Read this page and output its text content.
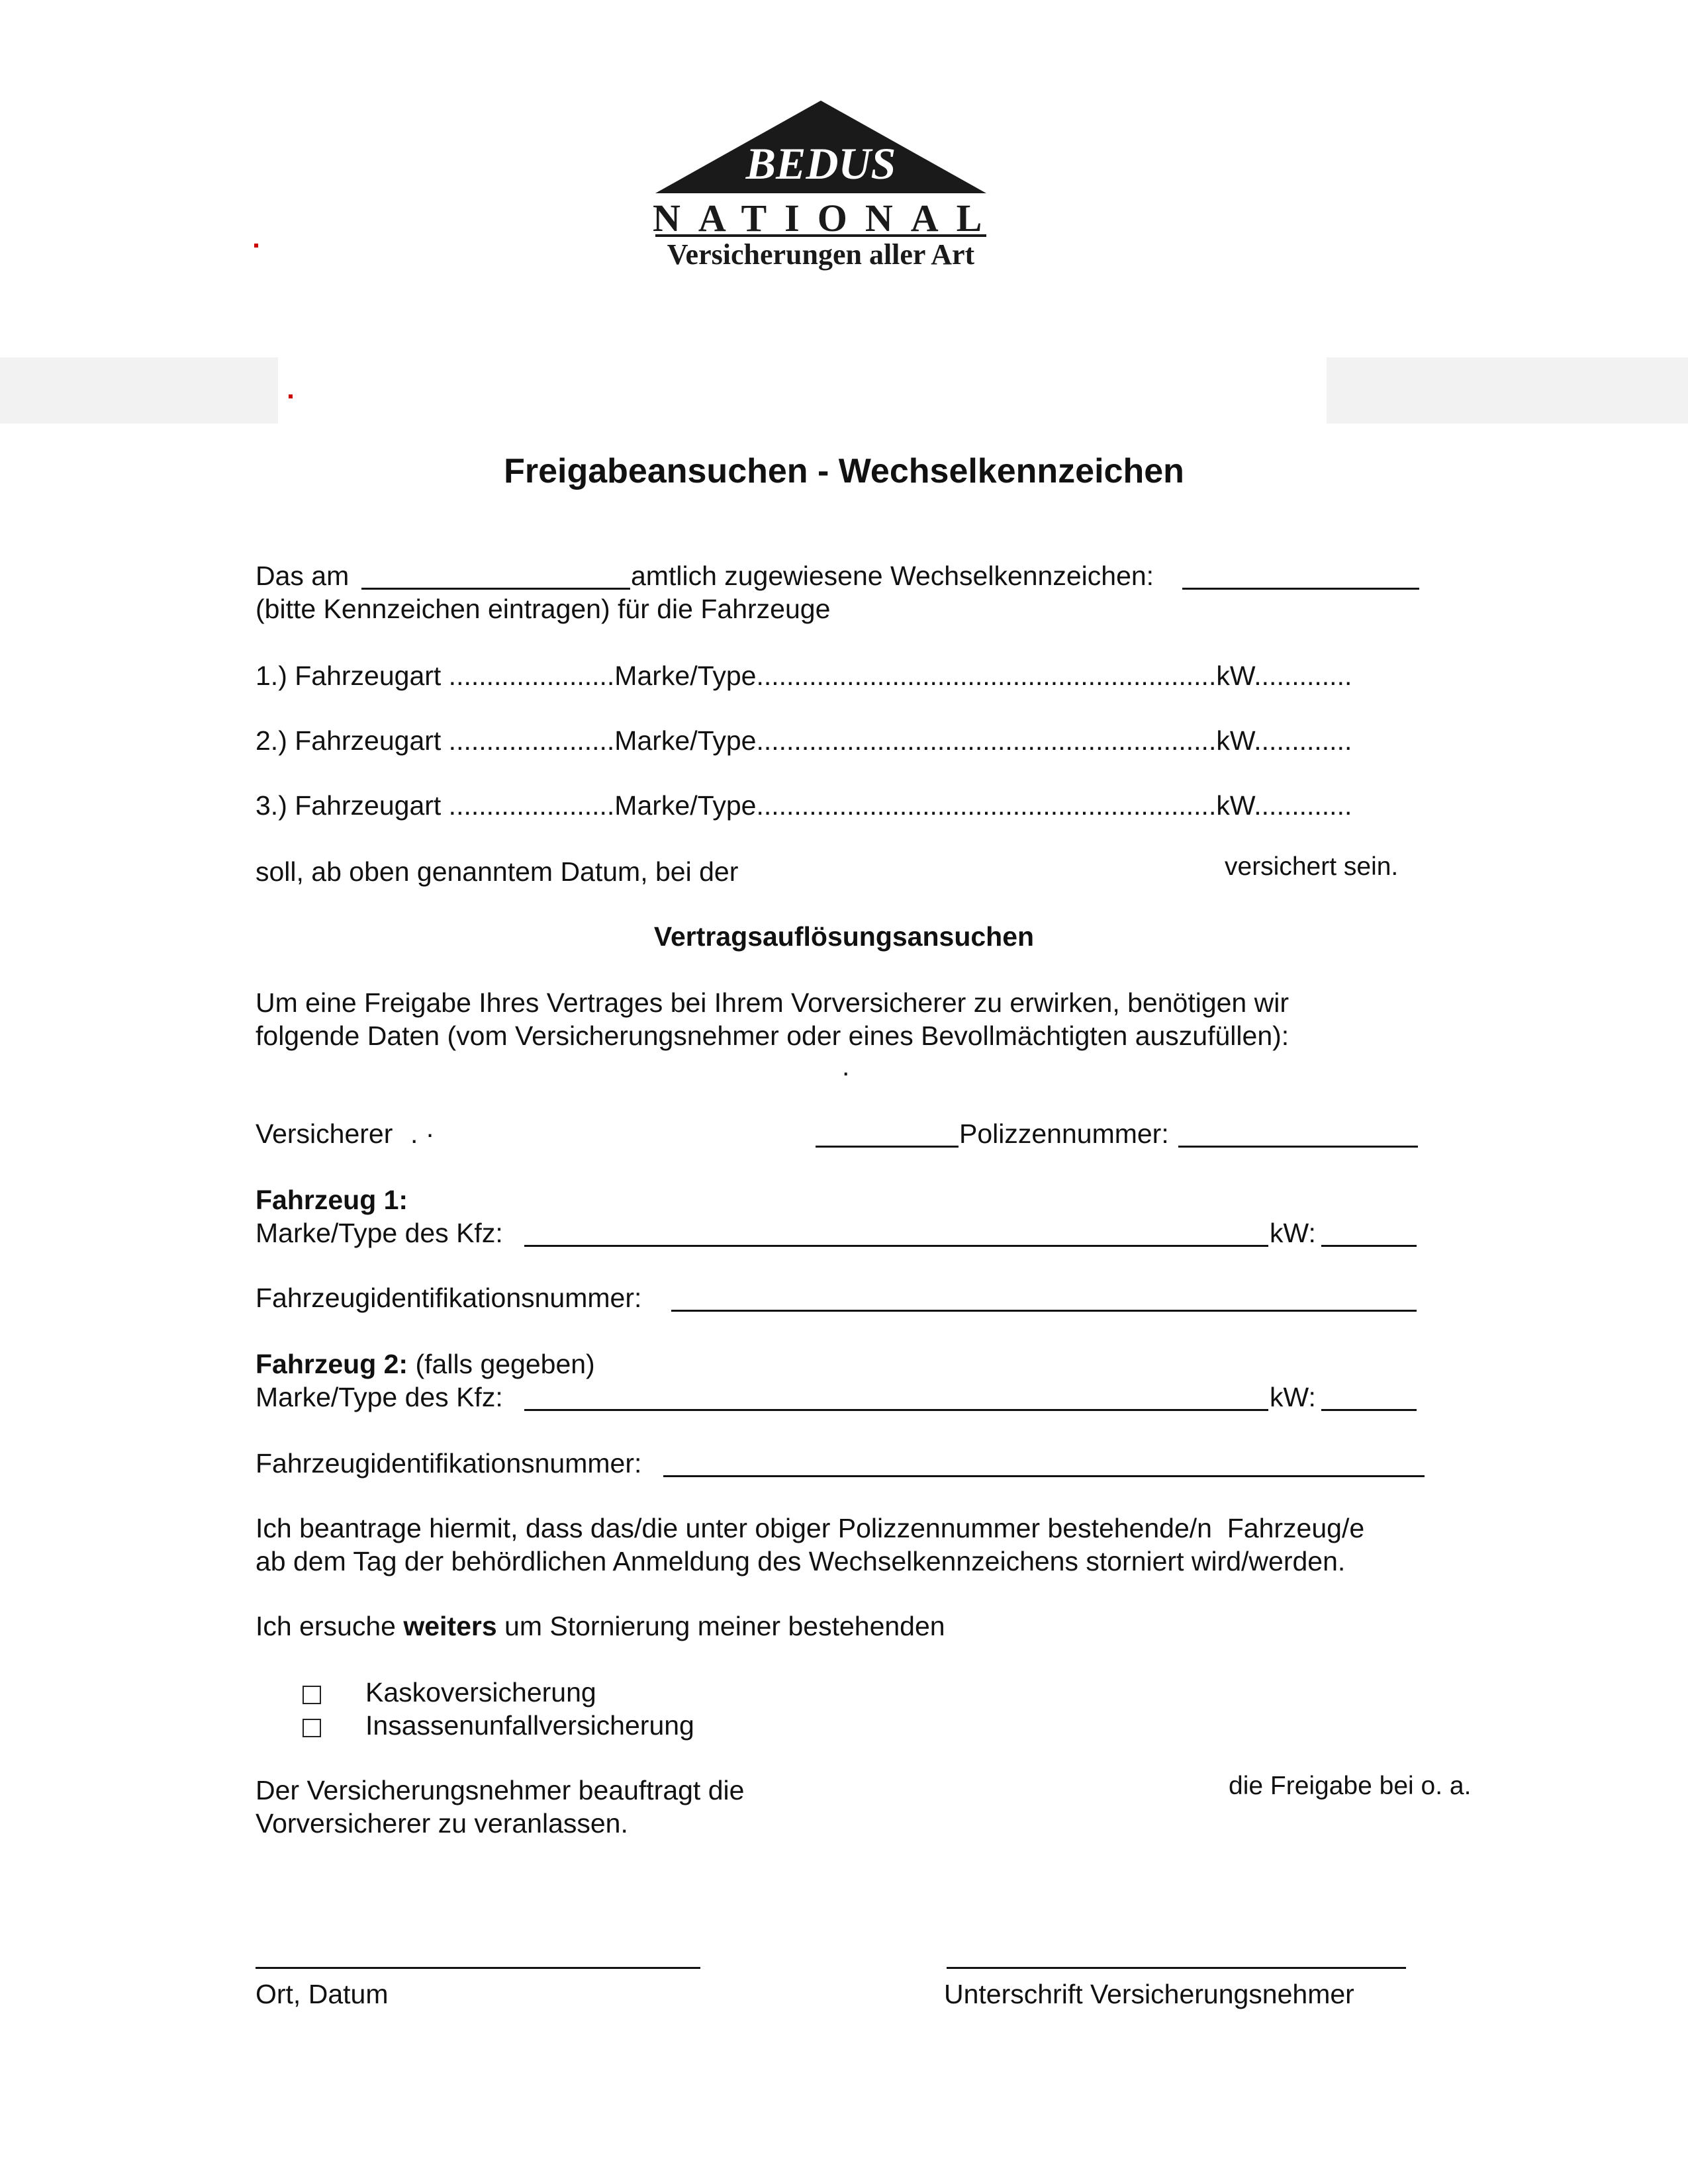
BEDUS
NATIONAL
Versicherungen aller Art
Freigabeansuchen - Wechselkennzeichen
Das am	amtlich zugewiesene Wechselkennzeichen:
(bitte Kennzeichen eintragen) für die Fahrzeuge
1.) Fahrzeugart ......................Marke/Type.............................................................kW.............
2.) Fahrzeugart ......................Marke/Type.............................................................kW.............
3.) Fahrzeugart ......................Marke/Type.............................................................kW.............
soll, ab oben genanntem Datum, bei der	versichert sein.
Vertragsauflösungsansuchen
Um eine Freigabe Ihres Vertrages bei Ihrem Vorversicherer zu erwirken, benötigen wir
folgende Daten (vom Versicherungsnehmer oder eines Bevollmächtigten auszufüllen):
.
Versicherer . ·	Polizzennummer:
Fahrzeug 1:
Marke/Type des Kfz:	kW:
Fahrzeugidentifikationsnummer:
Fahrzeug 2: (falls gegeben)
Marke/Type des Kfz:	kW:
Fahrzeugidentifikationsnummer:
Ich beantrage hiermit, dass das/die unter obiger Polizzennummer bestehende/n  Fahrzeug/e
ab dem Tag der behördlichen Anmeldung des Wechselkennzeichens storniert wird/werden.
Ich ersuche weiters um Stornierung meiner bestehenden
Kaskoversicherung
Insassenunfallversicherung
Der Versicherungsnehmer beauftragt die
Vorversicherer zu veranlassen.
die Freigabe bei o. a.
Ort, Datum	Unterschrift Versicherungsnehmer
